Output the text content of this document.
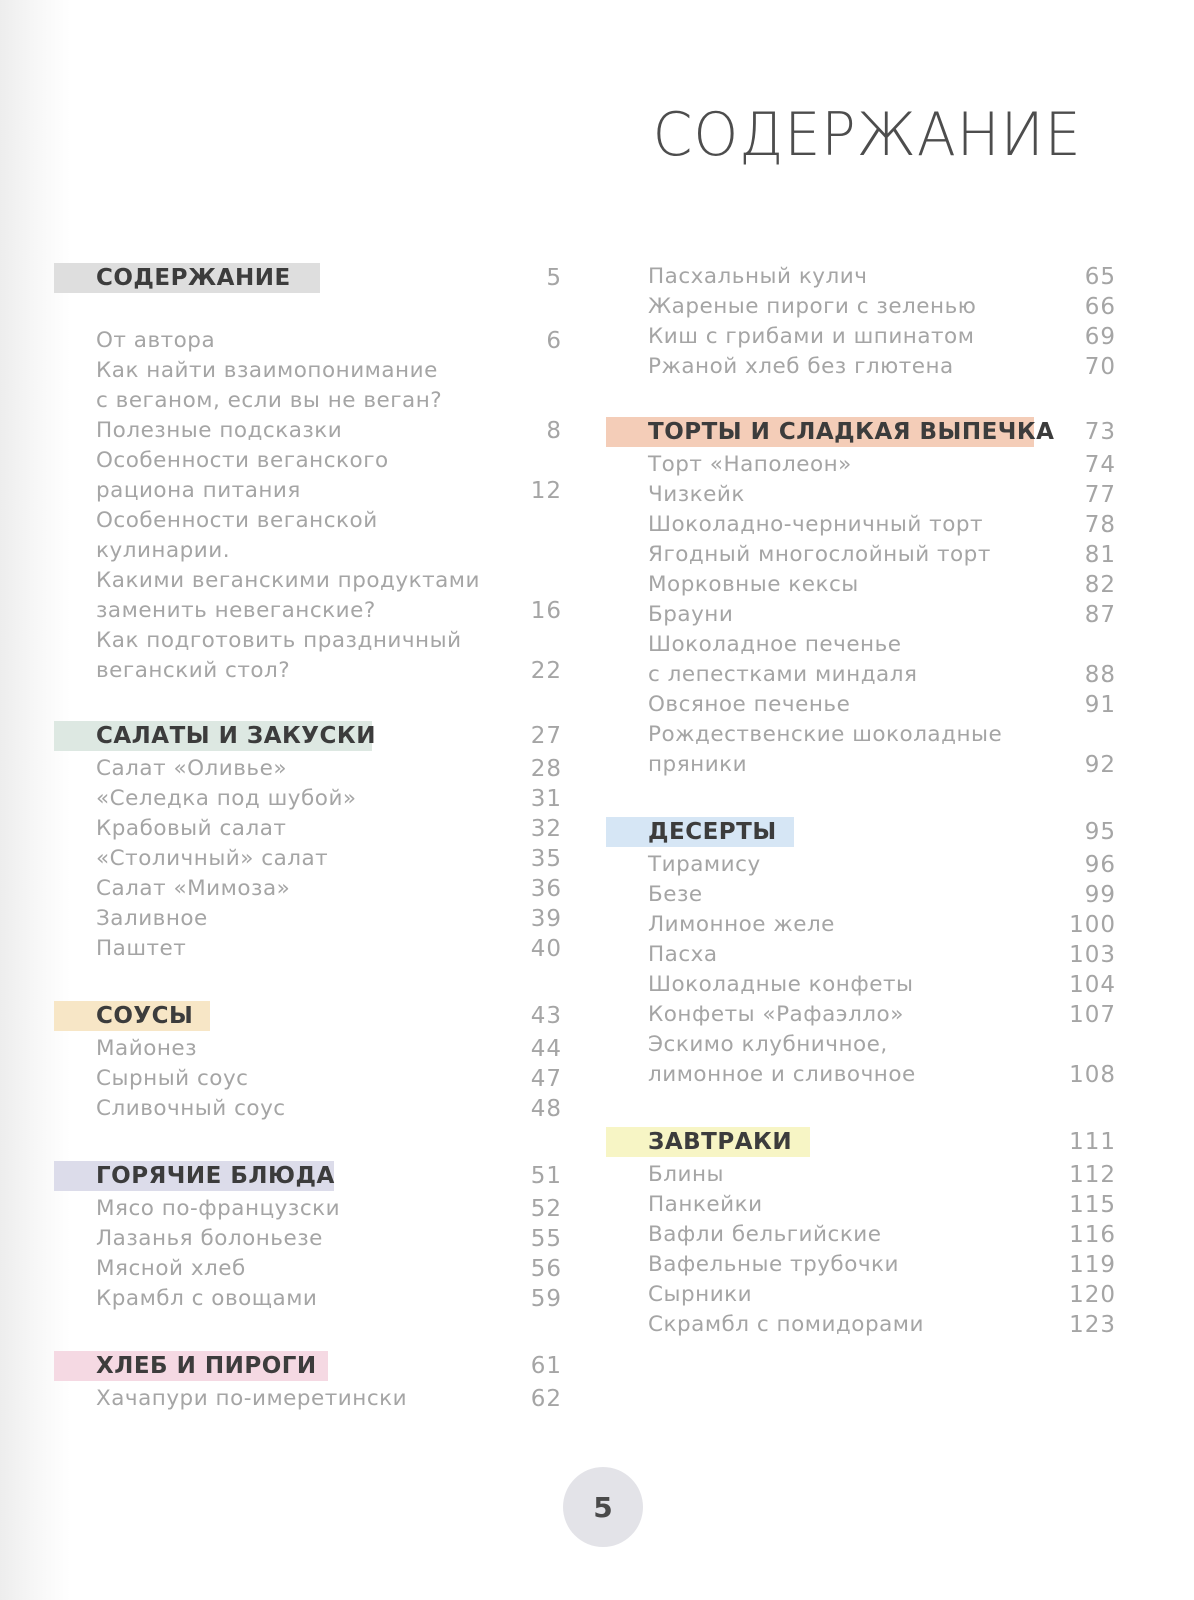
СОДЕРЖАНИЕ
СОДЕРЖАНИЕ	5
От автора	6
Как найти взаимопонимание
с веганом, если вы не веган?
Полезные подсказки	8
Особенности веганского
рациона питания	12
Особенности веганской кулинарии.
Какими веганскими продуктами
заменить невеганские?	16
Как подготовить праздничный
веганский стол?	22
САЛАТЫ И ЗАКУСКИ	27
Салат «Оливье»	28
«Селедка под шубой»	31
Крабовый салат	32
«Столичный» салат	35
Салат «Мимоза»	36
Заливное	39
Паштет	40
СОУСЫ	43
Майонез	44
Сырный соус	47
Сливочный соус	48
ГОРЯЧИЕ БЛЮДА	51
Мясо по-французски	52
Лазанья болоньезе	55
Мясной хлеб	56
Крамбл с овощами	59
ХЛЕБ И ПИРОГИ	61
Хачапури по-имеретински	62
Пасхальный кулич	65
Жареные пироги с зеленью	66
Киш с грибами и шпинатом	69
Ржаной хлеб без глютена	70
ТОРТЫ И СЛАДКАЯ ВЫПЕЧКА 73
Торт «Наполеон»	74
Чизкейк	77
Шоколадно-черничный торт	78
Ягодный многослойный торт	81
Морковные кексы	82
Брауни	87
Шоколадное печенье
с лепестками миндаля	88
Овсяное печенье	91
Рождественские шоколадные
пряники	92
ДЕСЕРТЫ	95
Тирамису	96
Безе	99
Лимонное желе	100
Пасха	103
Шоколадные конфеты	104
Конфеты «Рафаэлло»	107
Эскимо клубничное,
лимонное и сливочное	108
ЗАВТРАКИ	111
Блины	112
Панкейки	115
Вафли бельгийские	116
Вафельные трубочки	119
Сырники	120
Скрамбл с помидорами	123
5
